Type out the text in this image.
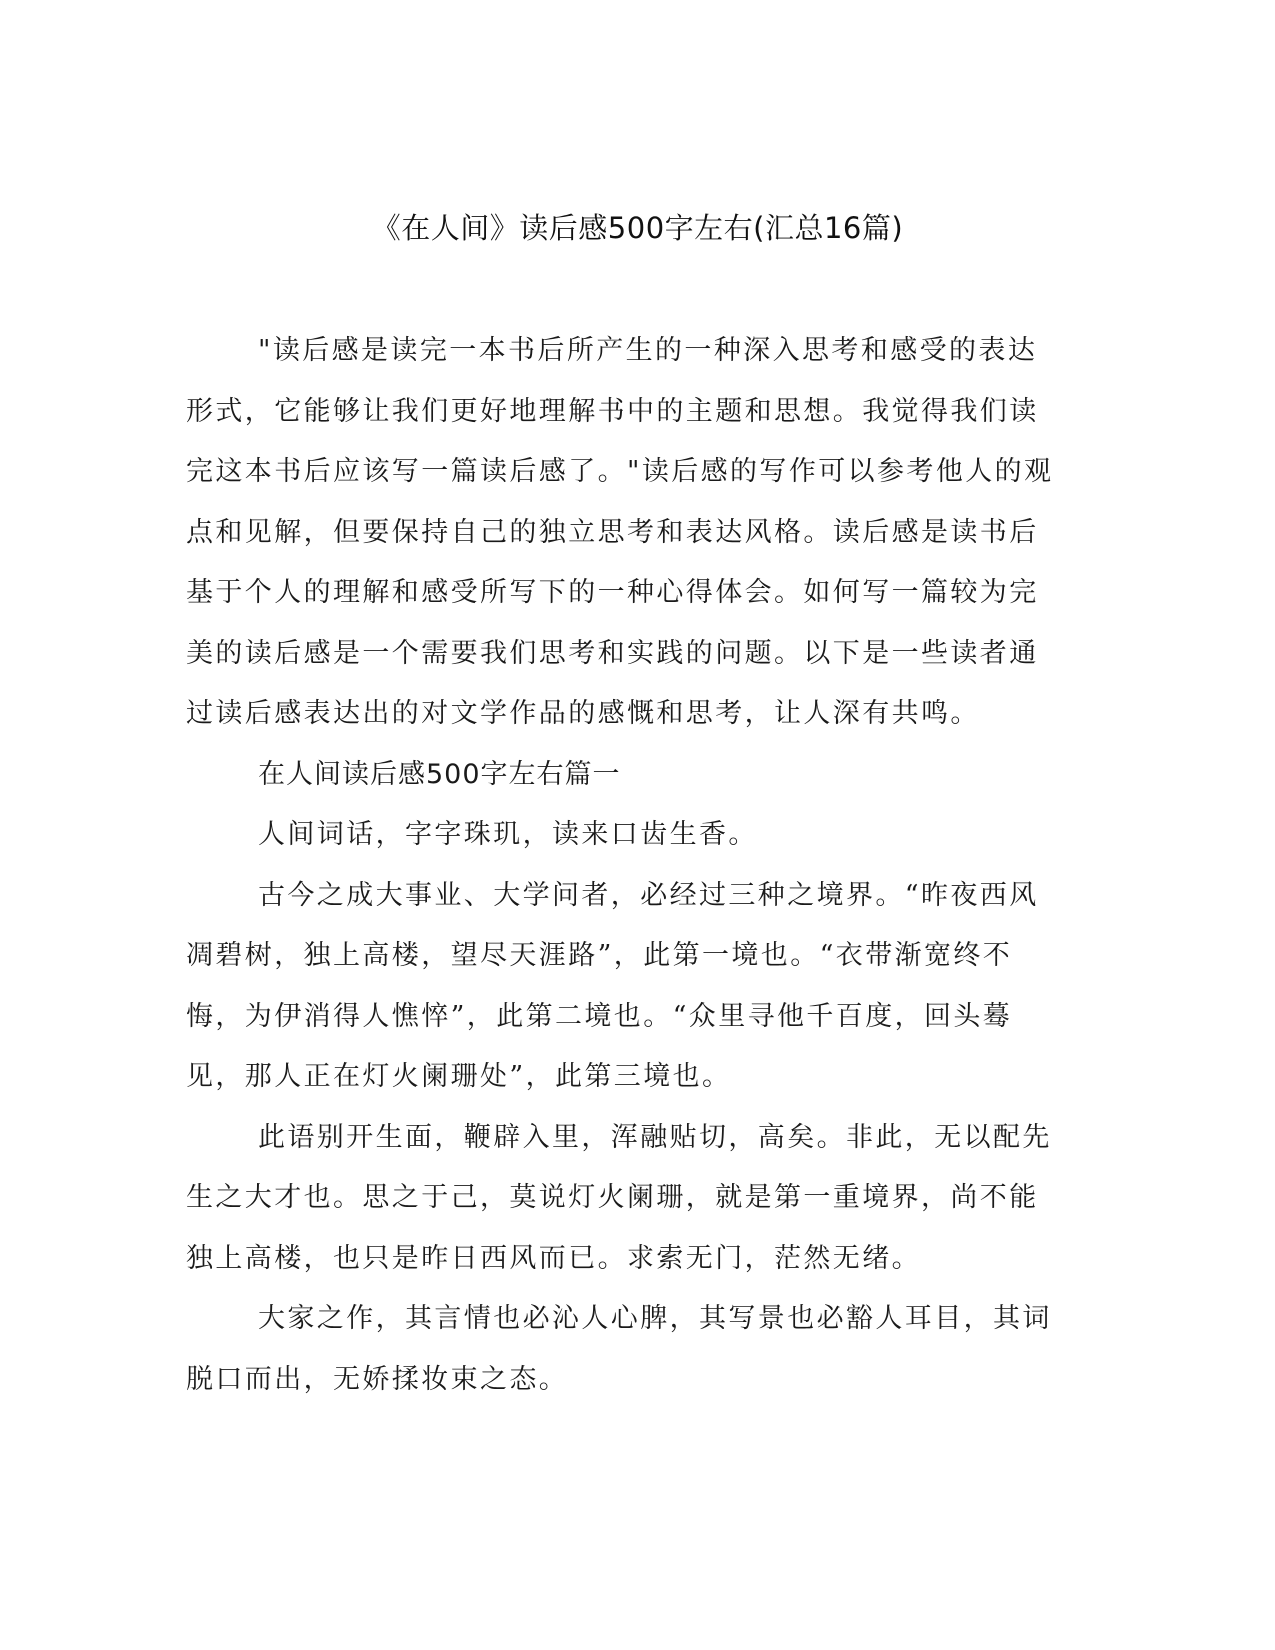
《在人间》读后感500字左右(汇总16篇)

"读后感是读完一本书后所产生的一种深入思考和感受的表达形式，它能够让我们更好地理解书中的主题和思想。我觉得我们读完这本书后应该写一篇读后感了。"读后感的写作可以参考他人的观点和见解，但要保持自己的独立思考和表达风格。读后感是读书后基于个人的理解和感受所写下的一种心得体会。如何写一篇较为完美的读后感是一个需要我们思考和实践的问题。以下是一些读者通过读后感表达出的对文学作品的感慨和思考，让人深有共鸣。

在人间读后感500字左右篇一

人间词话，字字珠玑，读来口齿生香。

古今之成大事业、大学问者，必经过三种之境界。“昨夜西风凋碧树，独上高楼，望尽天涯路”，此第一境也。“衣带渐宽终不悔，为伊消得人憔悴”，此第二境也。“众里寻他千百度，回头蓦见，那人正在灯火阑珊处”，此第三境也。

此语别开生面，鞭辟入里，浑融贴切，高矣。非此，无以配先生之大才也。思之于己，莫说灯火阑珊，就是第一重境界，尚不能独上高楼，也只是昨日西风而已。求索无门，茫然无绪。

大家之作，其言情也必沁人心脾，其写景也必豁人耳目，其词脱口而出，无娇揉妆束之态。
